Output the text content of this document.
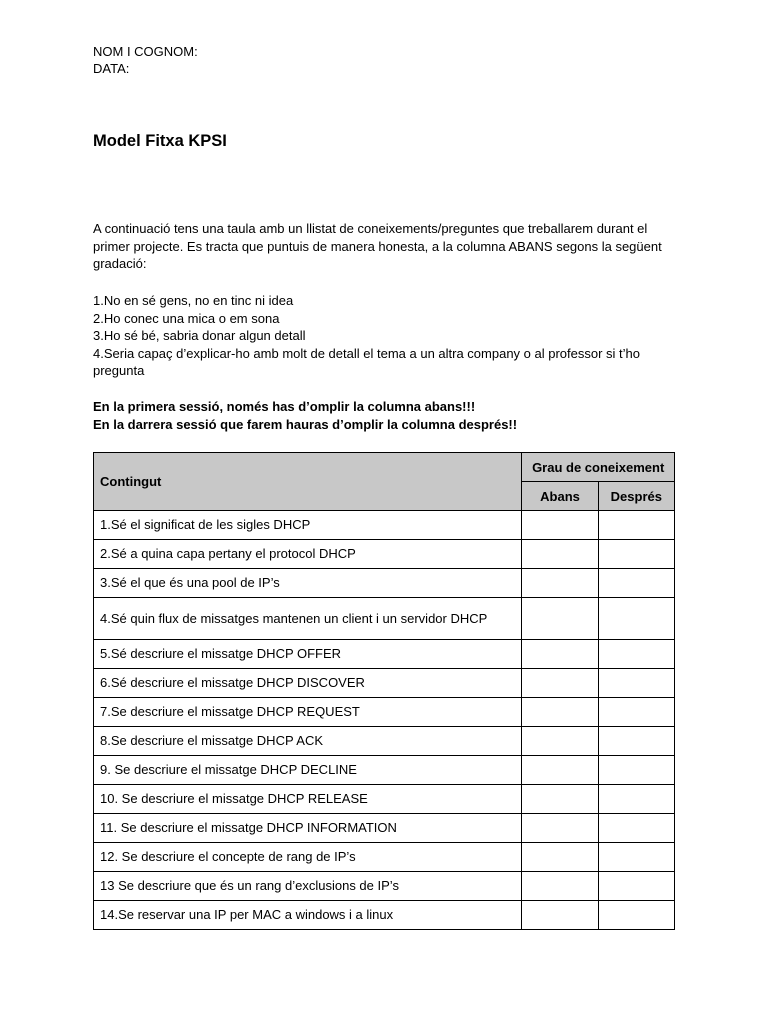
NOM I COGNOM:
DATA:
Model Fitxa KPSI

A continuació tens una taula amb un llistat de coneixements/preguntes que treballarem durant el primer projecte. Es tracta que puntuis de manera honesta, a la columna ABANS segons la següent gradació:

1.No en sé gens, no en tinc ni idea
2.Ho conec una mica o em sona
3.Ho sé bé, sabria donar algun detall
4.Seria capaç d’explicar-ho amb molt de detall el tema a un altra company o al professor si t’ho pregunta
En la primera sessió, només has d’omplir la columna abans!!!
En la darrera sessió que farem hauras d’omplir la columna després!!
Contingut	Grau de coneixement	
	Abans	Després
1.Sé el significat de les sigles DHCP		
2.Sé a quina capa pertany el protocol DHCP		
3.Sé el que és una pool de IP’s		
4.Sé quin flux de missatges mantenen un client i un servidor DHCP		
5.Sé descriure el missatge DHCP OFFER		
6.Sé descriure el missatge DHCP DISCOVER		
7.Se descriure el missatge DHCP REQUEST		
8.Se descriure el missatge DHCP ACK		
9. Se descriure el missatge DHCP DECLINE		
10. Se descriure el missatge DHCP RELEASE		
11. Se descriure el missatge DHCP INFORMATION		
12. Se descriure el concepte de rang de IP’s		
13 Se descriure que és un rang d’exclusions de IP’s		
14.Se reservar una IP per MAC a windows i a linux		
